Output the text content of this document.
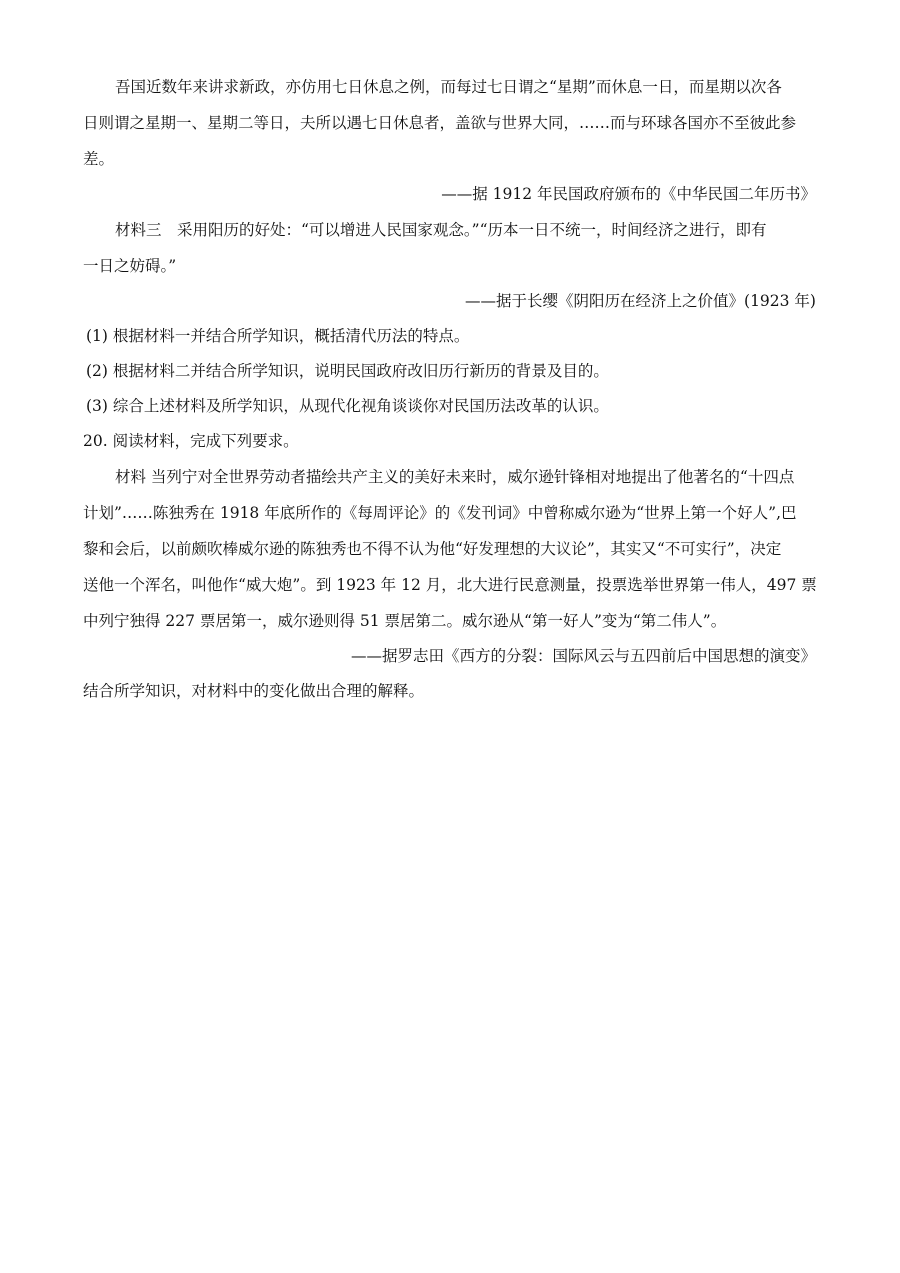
吾国近数年来讲求新政，亦仿用七日休息之例，而每过七日谓之“星期”而休息一日，而星期以次各
日则谓之星期一、星期二等日，夫所以遇七日休息者，盖欲与世界大同，……而与环球各国亦不至彼此参
差。
——据 1912 年民国政府颁布的《中华民国二年历书》
材料三　采用阳历的好处：“可以增进人民国家观念。”“历本一日不统一，时间经济之进行，即有
一日之妨碍。”
——据于长缨《阴阳历在经济上之价值》(1923 年)
(1) 根据材料一并结合所学知识，概括清代历法的特点。
(2) 根据材料二并结合所学知识，说明民国政府改旧历行新历的背景及目的。
(3) 综合上述材料及所学知识，从现代化视角谈谈你对民国历法改革的认识。
20. 阅读材料，完成下列要求。
材料 当列宁对全世界劳动者描绘共产主义的美好未来时，威尔逊针锋相对地提出了他著名的“十四点
计划”……陈独秀在 1918 年底所作的《每周评论》的《发刊词》中曾称威尔逊为“世界上第一个好人”,巴
黎和会后，以前颇吹棒威尔逊的陈独秀也不得不认为他“好发理想的大议论”，其实又“不可实行”，决定
送他一个浑名，叫他作“威大炮”。到 1923 年 12 月，北大进行民意测量，投票选举世界第一伟人，497 票
中列宁独得 227 票居第一，威尔逊则得 51 票居第二。威尔逊从“第一好人”变为“第二伟人”。
——据罗志田《西方的分裂：国际风云与五四前后中国思想的演变》
结合所学知识，对材料中的变化做出合理的解释。
